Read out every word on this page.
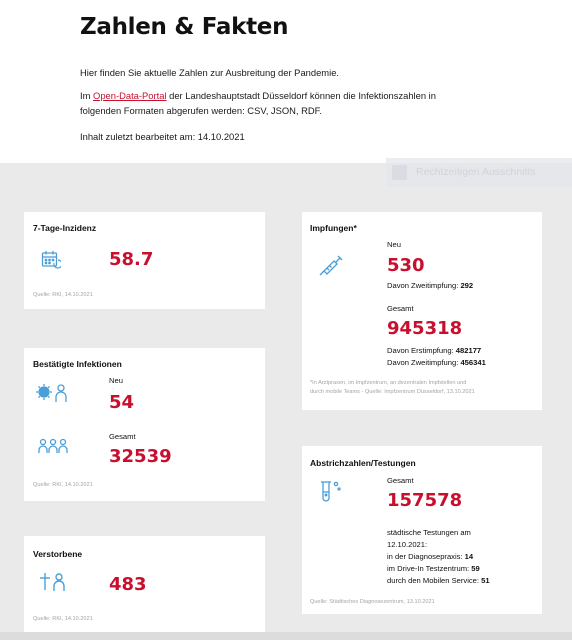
Zahlen & Fakten

Hier finden Sie aktuelle Zahlen zur Ausbreitung der Pandemie.

Im Open-Data-Portal der Landeshauptstadt Düsseldorf können die Infektionszahlen in
folgenden Formaten abgerufen werden: CSV, JSON, RDF.

Inhalt zuletzt bearbeitet am: 14.10.2021

Rechtzeitigen Ausschnitts
7-Tage-Inzidenz
58.7
Quelle: RKI, 14.10.2021
Bestätigte Infektionen
Neu
54
Gesamt
32539
Quelle: RKI, 14.10.2021
Verstorbene
483
Quelle: RKI, 14.10.2021
Impfungen*
Neu
530
Davon Zweitimpfung: 292
Gesamt
945318
Davon Erstimpfung: 482177
Davon Zweitimpfung: 456341
*In Arztpraxen, im Impfzentrum, an dezentralen Impfstellen und
durch mobile Teams - Quelle: Impfzentrum Düsseldorf, 13.10.2021
Abstrichzahlen/Testungen
Gesamt
157578
städtische Testungen am
12.10.2021:
in der Diagnosepraxis: 14
im Drive-In Testzentrum: 59
durch den Mobilen Service: 51
Quelle: Städtisches Diagnosezentrum, 13.10.2021
